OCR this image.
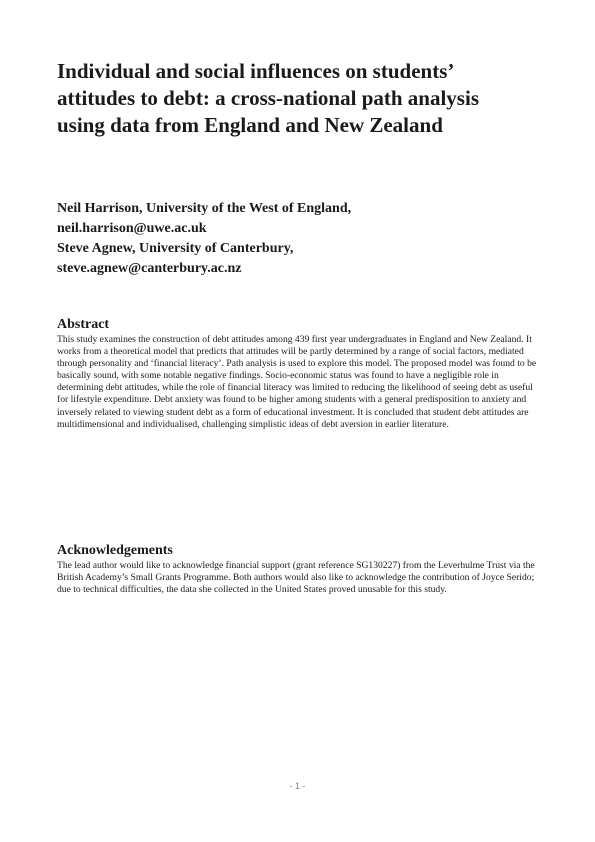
Individual and social influences on students’ attitudes to debt: a cross-national path analysis using data from England and New Zealand
Neil Harrison, University of the West of England,
neil.harrison@uwe.ac.uk
Steve Agnew, University of Canterbury,
steve.agnew@canterbury.ac.nz
Abstract

This study examines the construction of debt attitudes among 439 first year undergraduates in England and New Zealand. It works from a theoretical model that predicts that attitudes will be partly determined by a range of social factors, mediated through personality and ‘financial literacy’. Path analysis is used to explore this model. The proposed model was found to be basically sound, with some notable negative findings. Socio-economic status was found to have a negligible role in determining debt attitudes, while the role of financial literacy was limited to reducing the likelihood of seeing debt as useful for lifestyle expenditure. Debt anxiety was found to be higher among students with a general predisposition to anxiety and inversely related to viewing student debt as a form of educational investment. It is concluded that student debt attitudes are multidimensional and individualised, challenging simplistic ideas of debt aversion in earlier literature.

Acknowledgements

The lead author would like to acknowledge financial support (grant reference SG130227) from the Leverhulme Trust via the British Academy’s Small Grants Programme. Both authors would also like to acknowledge the contribution of Joyce Serido; due to technical difficulties, the data she collected in the United States proved unusable for this study.

- 1 -
